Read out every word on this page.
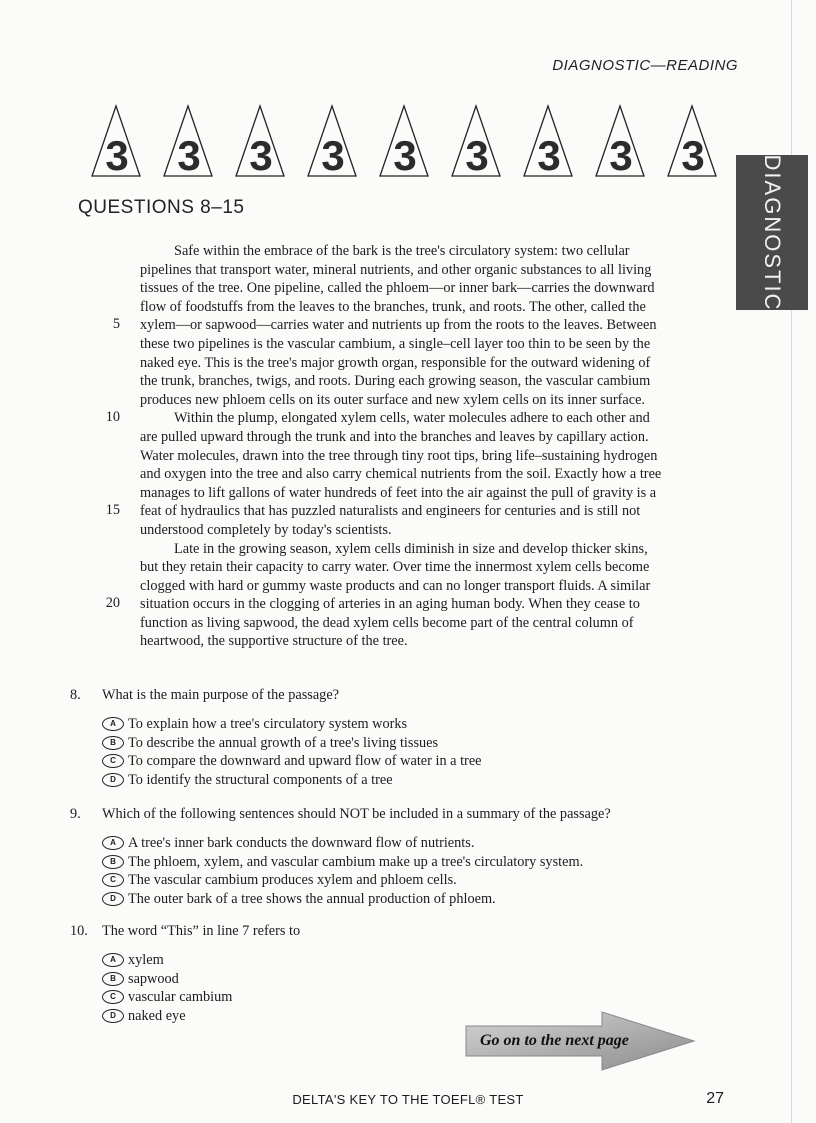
DIAGNOSTIC—READING
3 3 3 3 3 3 3 3 3	DIAGNOSTIC
QUESTIONS 8–15
Safe within the embrace of the bark is the tree's circulatory system: two cellular
pipelines that transport water, mineral nutrients, and other organic substances to all living
tissues of the tree. One pipeline, called the phloem—or inner bark—carries the downward
flow of foodstuffs from the leaves to the branches, trunk, and roots. The other, called the
xylem—or sapwood—carries water and nutrients up from the roots to the leaves. Between
these two pipelines is the vascular cambium, a single–cell layer too thin to be seen by the
naked eye. This is the tree's major growth organ, responsible for the outward widening of
the trunk, branches, twigs, and roots. During each growing season, the vascular cambium
produces new phloem cells on its outer surface and new xylem cells on its inner surface.
Within the plump, elongated xylem cells, water molecules adhere to each other and
are pulled upward through the trunk and into the branches and leaves by capillary action.
Water molecules, drawn into the tree through tiny root tips, bring life–sustaining hydrogen
and oxygen into the tree and also carry chemical nutrients from the soil. Exactly how a tree
manages to lift gallons of water hundreds of feet into the air against the pull of gravity is a
feat of hydraulics that has puzzled naturalists and engineers for centuries and is still not
understood completely by today's scientists.
Late in the growing season, xylem cells diminish in size and develop thicker skins,
but they retain their capacity to carry water. Over time the innermost xylem cells become
clogged with hard or gummy waste products and can no longer transport fluids. A similar
situation occurs in the clogging of arteries in an aging human body. When they cease to
function as living sapwood, the dead xylem cells become part of the central column of
heartwood, the supportive structure of the tree.
5
10
15
20
8. What is the main purpose of the passage?
A To explain how a tree's circulatory system works
B To describe the annual growth of a tree's living tissues
C To compare the downward and upward flow of water in a tree
D To identify the structural components of a tree
9. Which of the following sentences should NOT be included in a summary of the passage?
A A tree's inner bark conducts the downward flow of nutrients.
B The phloem, xylem, and vascular cambium make up a tree's circulatory system.
C The vascular cambium produces xylem and phloem cells.
D The outer bark of a tree shows the annual production of phloem.
10. The word “This” in line 7 refers to
A xylem
B sapwood
C vascular cambium
D naked eye
Go on to the next page
DELTA'S KEY TO THE TOEFL® TEST	27
